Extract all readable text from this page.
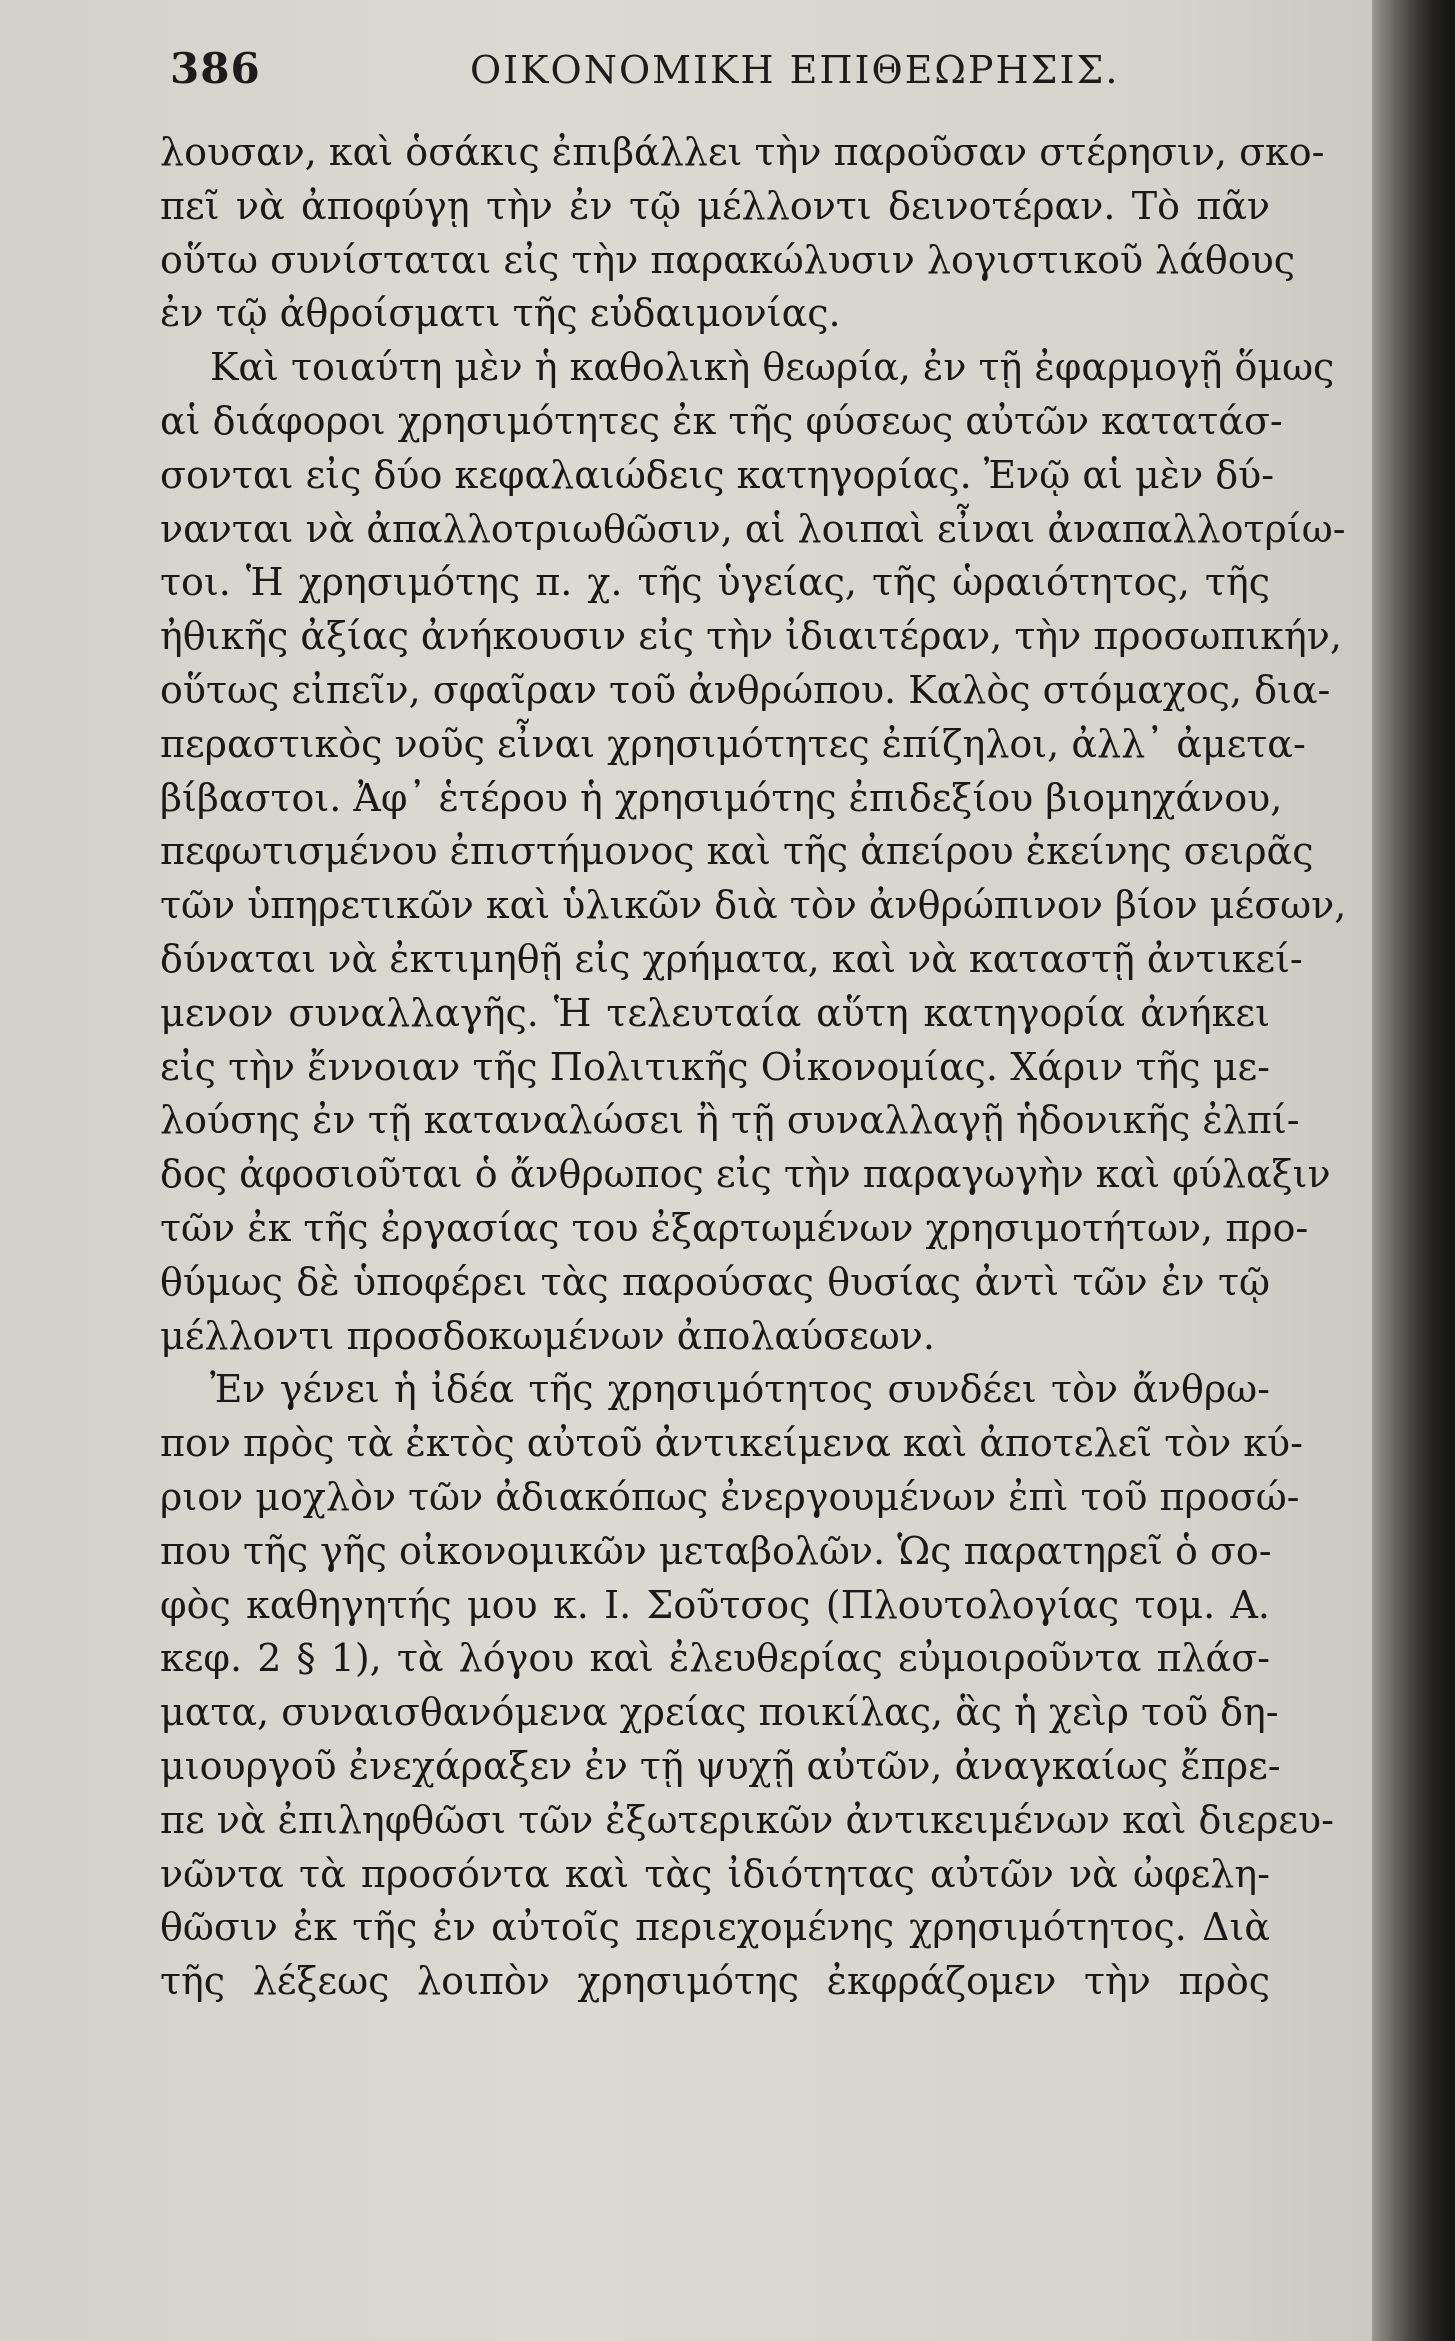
386	ΟΙΚΟΝΟΜΙΚΗ ΕΠΙΘΕΩΡΗΣΙΣ.
λουσαν, καὶ ὁσάκις ἐπιβάλλει τὴν παροῦσαν στέρησιν, σκο-
πεῖ νὰ ἀποφύγῃ τὴν ἐν τῷ μέλλοντι δεινοτέραν. Τὸ πᾶν
οὕτω συνίσταται εἰς τὴν παρακώλυσιν λογιστικοῦ λάθους
ἐν τῷ ἀθροίσματι τῆς εὐδαιμονίας.
Καὶ τοιαύτη μὲν ἡ καθολικὴ θεωρία, ἐν τῇ ἐφαρμογῇ ὅμως
αἱ διάφοροι χρησιμότητες ἐκ τῆς φύσεως αὐτῶν κατατάσ-
σονται εἰς δύο κεφαλαιώδεις κατηγορίας. Ἐνῷ αἱ μὲν δύ-
νανται νὰ ἀπαλλοτριωθῶσιν, αἱ λοιπαὶ εἶναι ἀναπαλλοτρίω-
τοι. Ἡ χρησιμότης π. χ. τῆς ὑγείας, τῆς ὡραιότητος, τῆς
ἠθικῆς ἀξίας ἀνήκουσιν εἰς τὴν ἰδιαιτέραν, τὴν προσωπικήν,
οὕτως εἰπεῖν, σφαῖραν τοῦ ἀνθρώπου. Καλὸς στόμαχος, δια-
περαστικὸς νοῦς εἶναι χρησιμότητες ἐπίζηλοι, ἀλλ᾽ ἀμετα-
βίβαστοι. Ἀφ᾽ ἑτέρου ἡ χρησιμότης ἐπιδεξίου βιομηχάνου,
πεφωτισμένου ἐπιστήμονος καὶ τῆς ἀπείρου ἐκείνης σειρᾶς
τῶν ὑπηρετικῶν καὶ ὑλικῶν διὰ τὸν ἀνθρώπινον βίον μέσων,
δύναται νὰ ἐκτιμηθῇ εἰς χρήματα, καὶ νὰ καταστῇ ἀντικεί-
μενον συναλλαγῆς. Ἡ τελευταία αὕτη κατηγορία ἀνήκει
εἰς τὴν ἔννοιαν τῆς Πολιτικῆς Οἰκονομίας. Χάριν τῆς με-
λούσης ἐν τῇ καταναλώσει ἢ τῇ συναλλαγῇ ἡδονικῆς ἐλπί-
δος ἀφοσιοῦται ὁ ἄνθρωπος εἰς τὴν παραγωγὴν καὶ φύλαξιν
τῶν ἐκ τῆς ἐργασίας του ἐξαρτωμένων χρησιμοτήτων, προ-
θύμως δὲ ὑποφέρει τὰς παρούσας θυσίας ἀντὶ τῶν ἐν τῷ
μέλλοντι προσδοκωμένων ἀπολαύσεων.
Ἐν γένει ἡ ἰδέα τῆς χρησιμότητος συνδέει τὸν ἄνθρω-
πον πρὸς τὰ ἐκτὸς αὐτοῦ ἀντικείμενα καὶ ἀποτελεῖ τὸν κύ-
ριον μοχλὸν τῶν ἀδιακόπως ἐνεργουμένων ἐπὶ τοῦ προσώ-
που τῆς γῆς οἰκονομικῶν μεταβολῶν. Ὡς παρατηρεῖ ὁ σο-
φὸς καθηγητής μου κ. Ι. Σοῦτσος (Πλουτολογίας τομ. Α.
κεφ. 2 § 1), τὰ λόγου καὶ ἐλευθερίας εὐμοιροῦντα πλάσ-
ματα, συναισθανόμενα χρείας ποικίλας, ἃς ἡ χεὶρ τοῦ δη-
μιουργοῦ ἐνεχάραξεν ἐν τῇ ψυχῇ αὐτῶν, ἀναγκαίως ἔπρε-
πε νὰ ἐπιληφθῶσι τῶν ἐξωτερικῶν ἀντικειμένων καὶ διερευ-
νῶντα τὰ προσόντα καὶ τὰς ἰδιότητας αὐτῶν νὰ ὠφελη-
θῶσιν ἐκ τῆς ἐν αὐτοῖς περιεχομένης χρησιμότητος. Διὰ
τῆς λέξεως λοιπὸν χρησιμότης ἐκφράζομεν τὴν πρὸς
